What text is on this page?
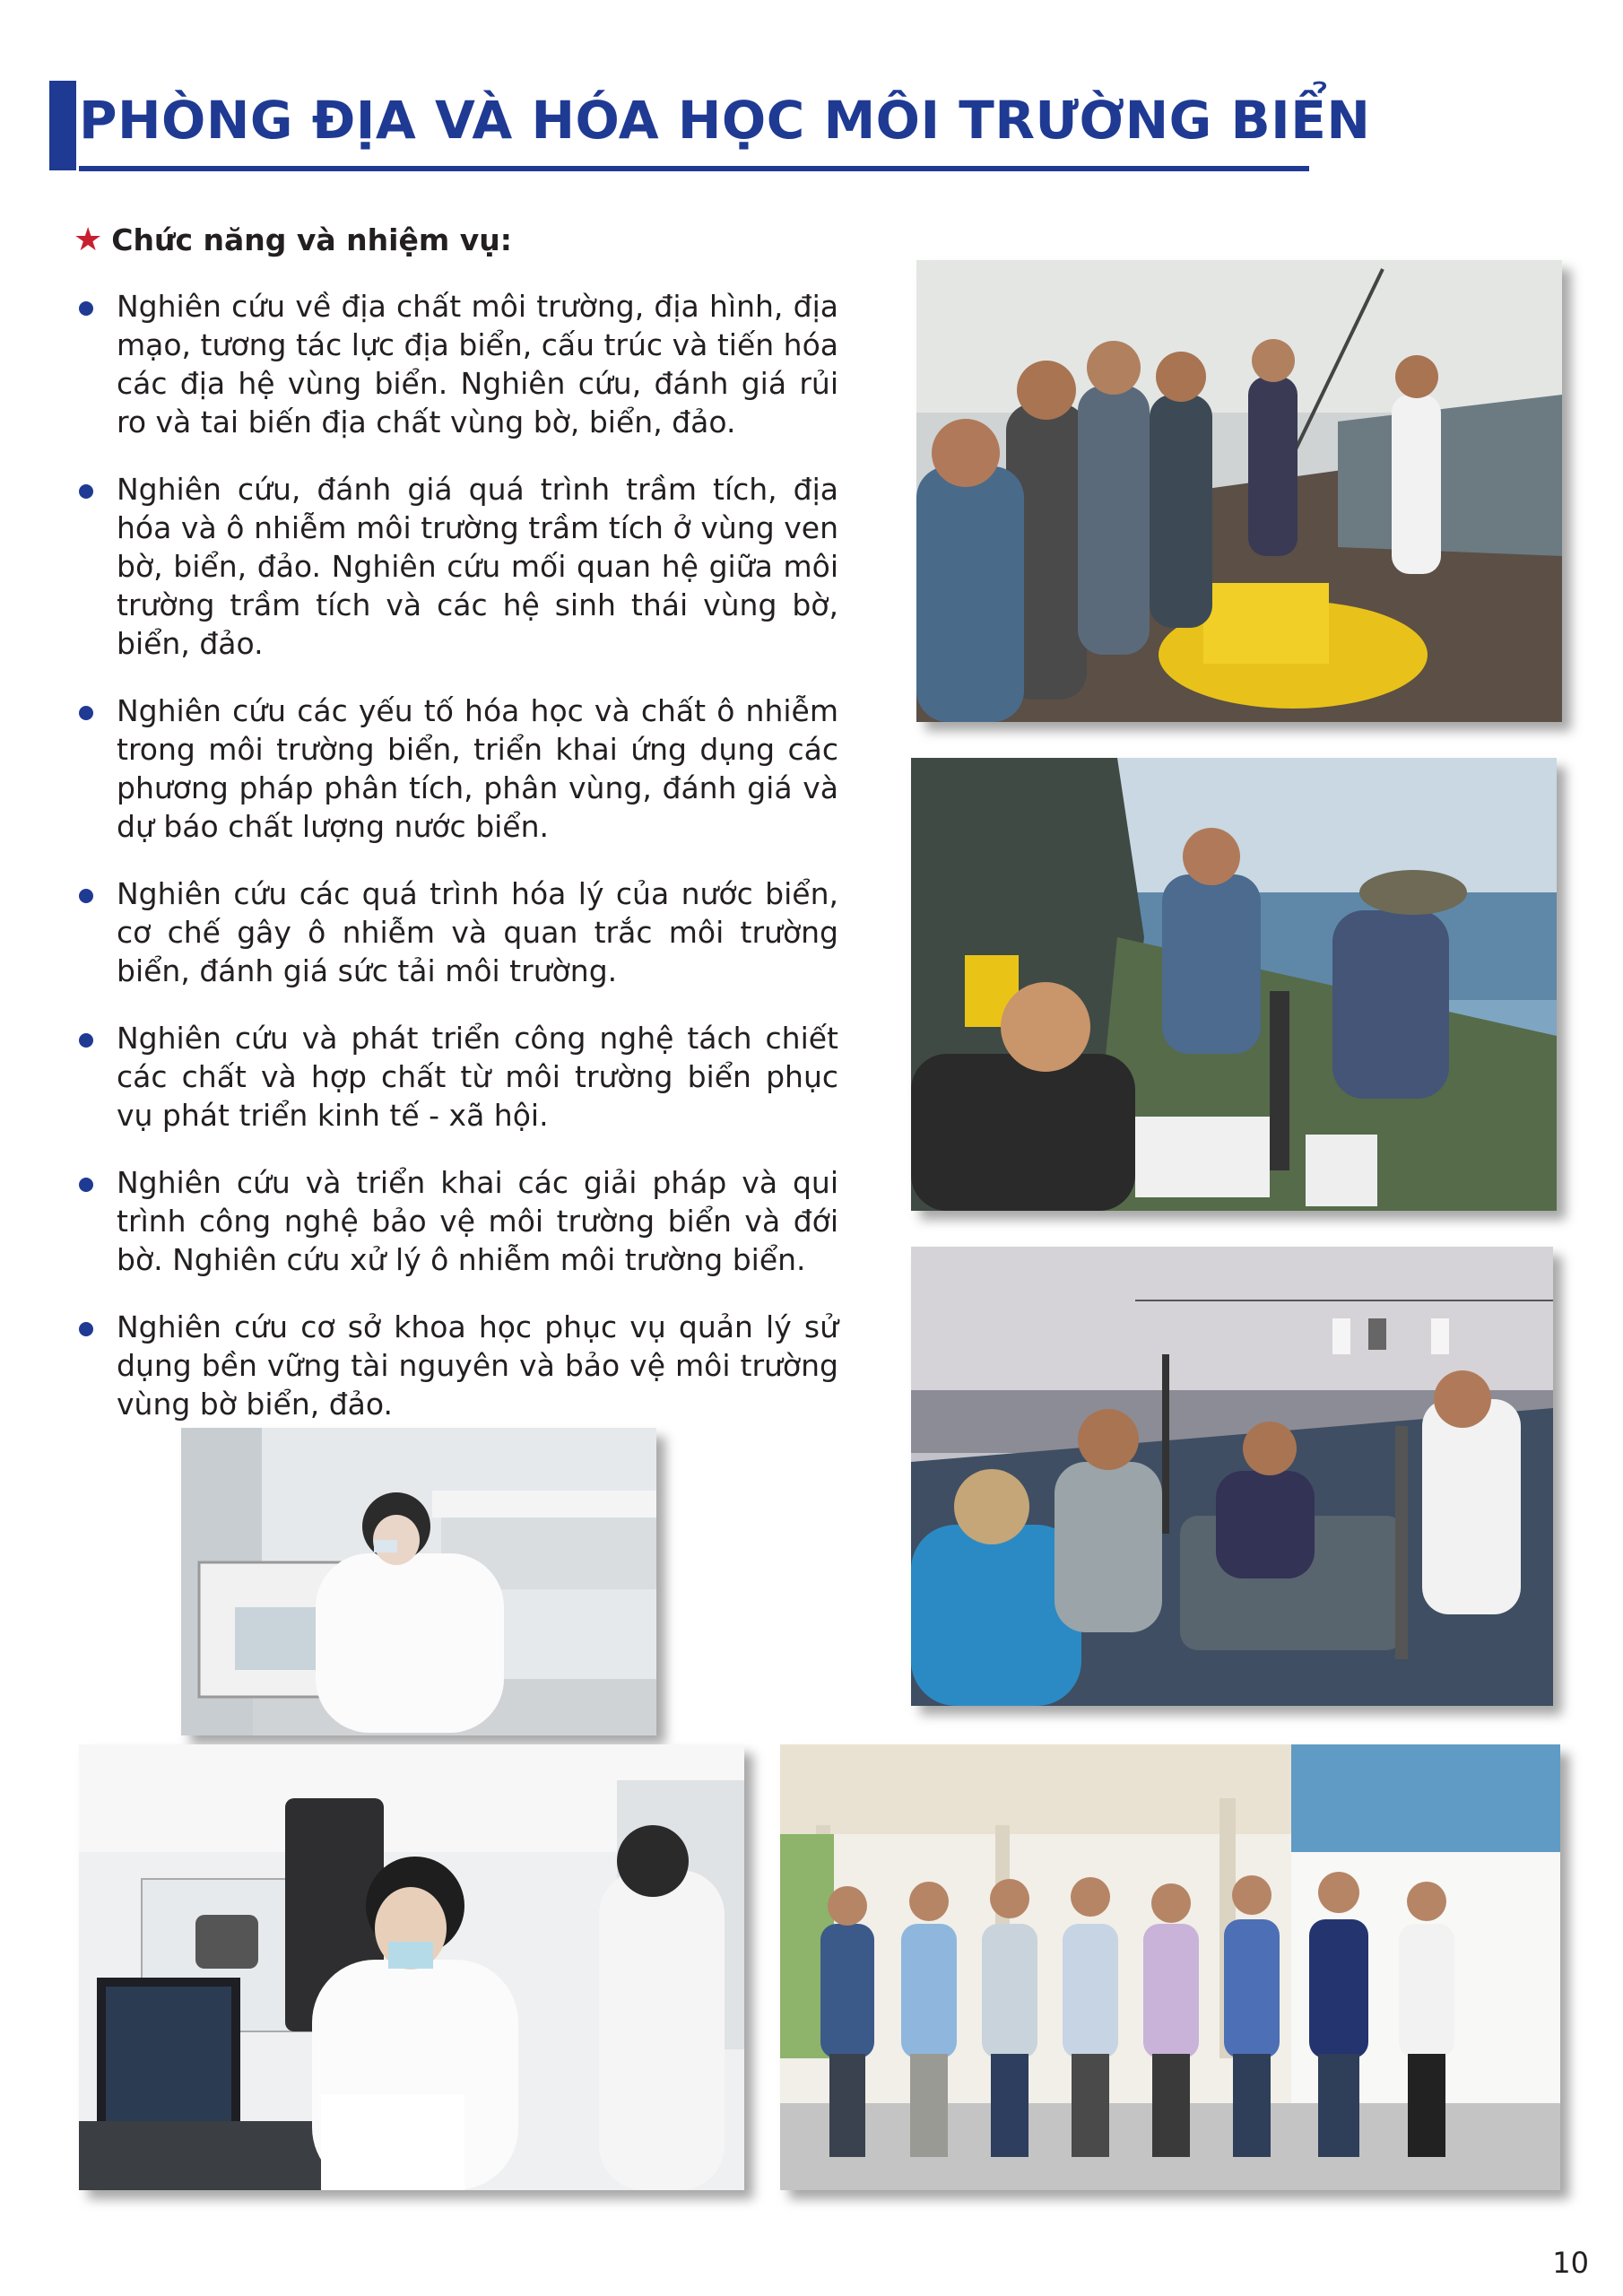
PHÒNG ĐỊA VÀ HÓA HỌC MÔI TRƯỜNG BIỂN
★ Chức năng và nhiệm vụ:
Nghiên cứu về địa chất môi trường, địa hình, địa mạo, tương tác lực địa biển, cấu trúc và tiến hóa các địa hệ vùng biển. Nghiên cứu, đánh giá rủi ro và tai biến địa chất vùng bờ, biển, đảo.
Nghiên cứu, đánh giá quá trình trầm tích, địa hóa và ô nhiễm môi trường trầm tích ở vùng ven bờ, biển, đảo. Nghiên cứu mối quan hệ giữa môi trường trầm tích và các hệ sinh thái vùng bờ, biển, đảo.
Nghiên cứu các yếu tố hóa học và chất ô nhiễm trong môi trường biển, triển khai ứng dụng các phương pháp phân tích, phân vùng, đánh giá và dự báo chất lượng nước biển.
Nghiên cứu các quá trình hóa lý của nước biển, cơ chế gây ô nhiễm và quan trắc môi trường biển, đánh giá sức tải môi trường.
Nghiên cứu và phát triển công nghệ tách chiết các chất và hợp chất từ môi trường biển phục vụ phát triển kinh tế - xã hội.
Nghiên cứu và triển khai các giải pháp và qui trình công nghệ bảo vệ môi trường biển và đới bờ. Nghiên cứu xử lý ô nhiễm môi trường biển.
Nghiên cứu cơ sở khoa học phục vụ quản lý sử dụng bền vững tài nguyên và bảo vệ môi trường vùng bờ biển, đảo.
10
